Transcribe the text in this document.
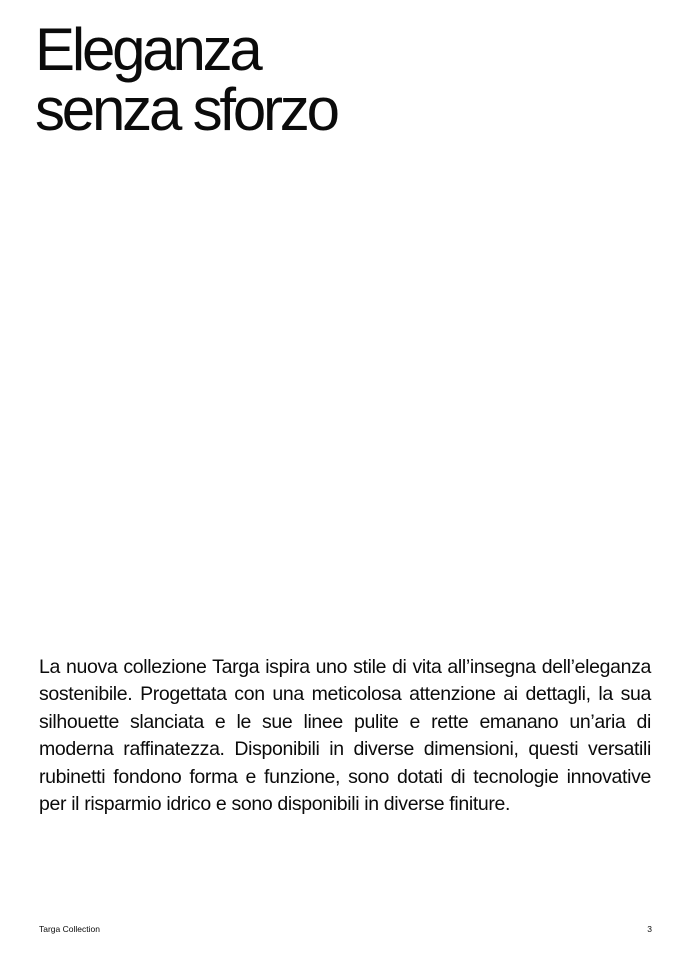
Eleganza
senza sforzo

La nuova collezione Targa ispira uno stile di vita all’insegna dell’eleganza sostenibile. Progettata con una meticolosa attenzione ai dettagli, la sua silhouette slanciata e le sue linee pulite e rette emanano un’aria di moderna raffinatezza. Disponibili in diverse dimensioni, questi versatili rubinetti fondono forma e funzione, sono dotati di tecnologie innovative per il risparmio idrico e sono disponibili in diverse finiture.

Targa Collection	3
